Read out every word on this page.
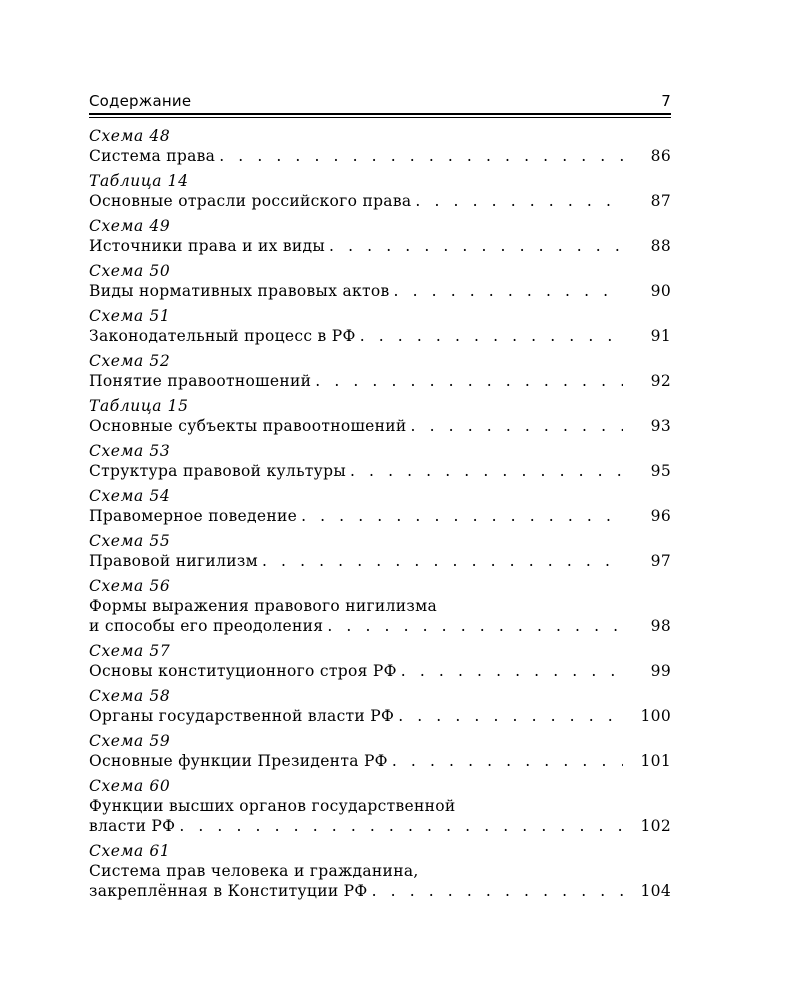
Содержание	7
Схема 48
Система права . . .	86
Таблица 14
Основные отрасли российского права . . .	87
Схема 49
Источники права и их виды . . .	88
Схема 50
Виды нормативных правовых актов . . .	90
Схема 51
Законодательный процесс в РФ . . .	91
Схема 52
Понятие правоотношений . . .	92
Таблица 15
Основные субъекты правоотношений . . .	93
Схема 53
Структура правовой культуры . . .	95
Схема 54
Правомерное поведение . . .	96
Схема 55
Правовой нигилизм . . .	97
Схема 56
Формы выражения правового нигилизма
и способы его преодоления . . .	98
Схема 57
Основы конституционного строя РФ . . .	99
Схема 58
Органы государственной власти РФ . . .	100
Схема 59
Основные функции Президента РФ . . .	101
Схема 60
Функции высших органов государственной
власти РФ . . .	102
Схема 61
Система прав человека и гражданина,
закреплённая в Конституции РФ . . .	104
